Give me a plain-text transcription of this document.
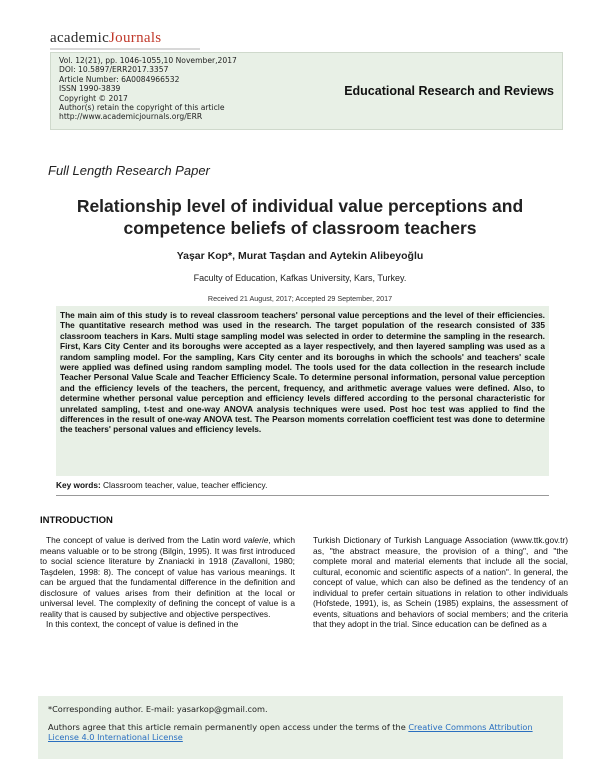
academicJournals
Vol. 12(21), pp. 1046-1055,10 November,2017
DOI: 10.5897/ERR2017.3357
Article Number: 6A0084966532
ISSN 1990-3839
Copyright © 2017
Author(s) retain the copyright of this article
http://www.academicjournals.org/ERR
Educational Research and Reviews
Full Length Research Paper
Relationship level of individual value perceptions and competence beliefs of classroom teachers
Yaşar Kop*, Murat Taşdan and Aytekin Alibeyoğlu
Faculty of Education, Kafkas University, Kars, Turkey.
Received 21 August, 2017; Accepted 29 September, 2017
The main aim of this study is to reveal classroom teachers' personal value perceptions and the level of their efficiencies. The quantitative research method was used in the research. The target population of the research consisted of 335 classroom teachers in Kars. Multi stage sampling model was selected in order to determine the sampling in the research. First, Kars City Center and its boroughs were accepted as a layer respectively, and then layered sampling was used as a random sampling model. For the sampling, Kars City center and its boroughs in which the schools' and teachers' scale were applied was defined using random sampling model. The tools used for the data collection in the research include Teacher Personal Value Scale and Teacher Efficiency Scale. To determine personal information, personal value perception and the efficiency levels of the teachers, the percent, frequency, and arithmetic average values were defined. Also, to determine whether personal value perception and efficiency levels differed according to the personal characteristic for unrelated sampling, t-test and one-way ANOVA analysis techniques were used. Post hoc test was applied to find the differences in the result of one-way ANOVA test. The Pearson moments correlation coefficient test was done to determine the teachers' personal values and efficiency levels.
Key words: Classroom teacher, value, teacher efficiency.
INTRODUCTION

The concept of value is derived from the Latin word valerie, which means valuable or to be strong (Bilgin, 1995). It was first introduced to social science literature by Znaniacki in 1918 (Zavalloni, 1980; Taşdelen, 1998: 8). The concept of value has various meanings. It can be argued that the fundamental difference in the definition and disclosure of values arises from their definition at the local or universal level. The complexity of defining the concept of value is a reality that is caused by subjective and objective perspectives.

In this context, the concept of value is defined in the

Turkish Dictionary of Turkish Language Association (www.ttk.gov.tr) as, "the abstract measure, the provision of a thing", and "the complete moral and material elements that include all the social, cultural, economic and scientific aspects of a nation". In general, the concept of value, which can also be defined as the tendency of an individual to prefer certain situations in relation to other individuals (Hofstede, 1991), is, as Schein (1985) explains, the assessment of events, situations and behaviors of social members; and the criteria that they adopt in the trial. Since education can be defined as a

*Corresponding author. E-mail: yasarkop@gmail.com.
Authors agree that this article remain permanently open access under the terms of the Creative Commons Attribution License 4.0 International License
